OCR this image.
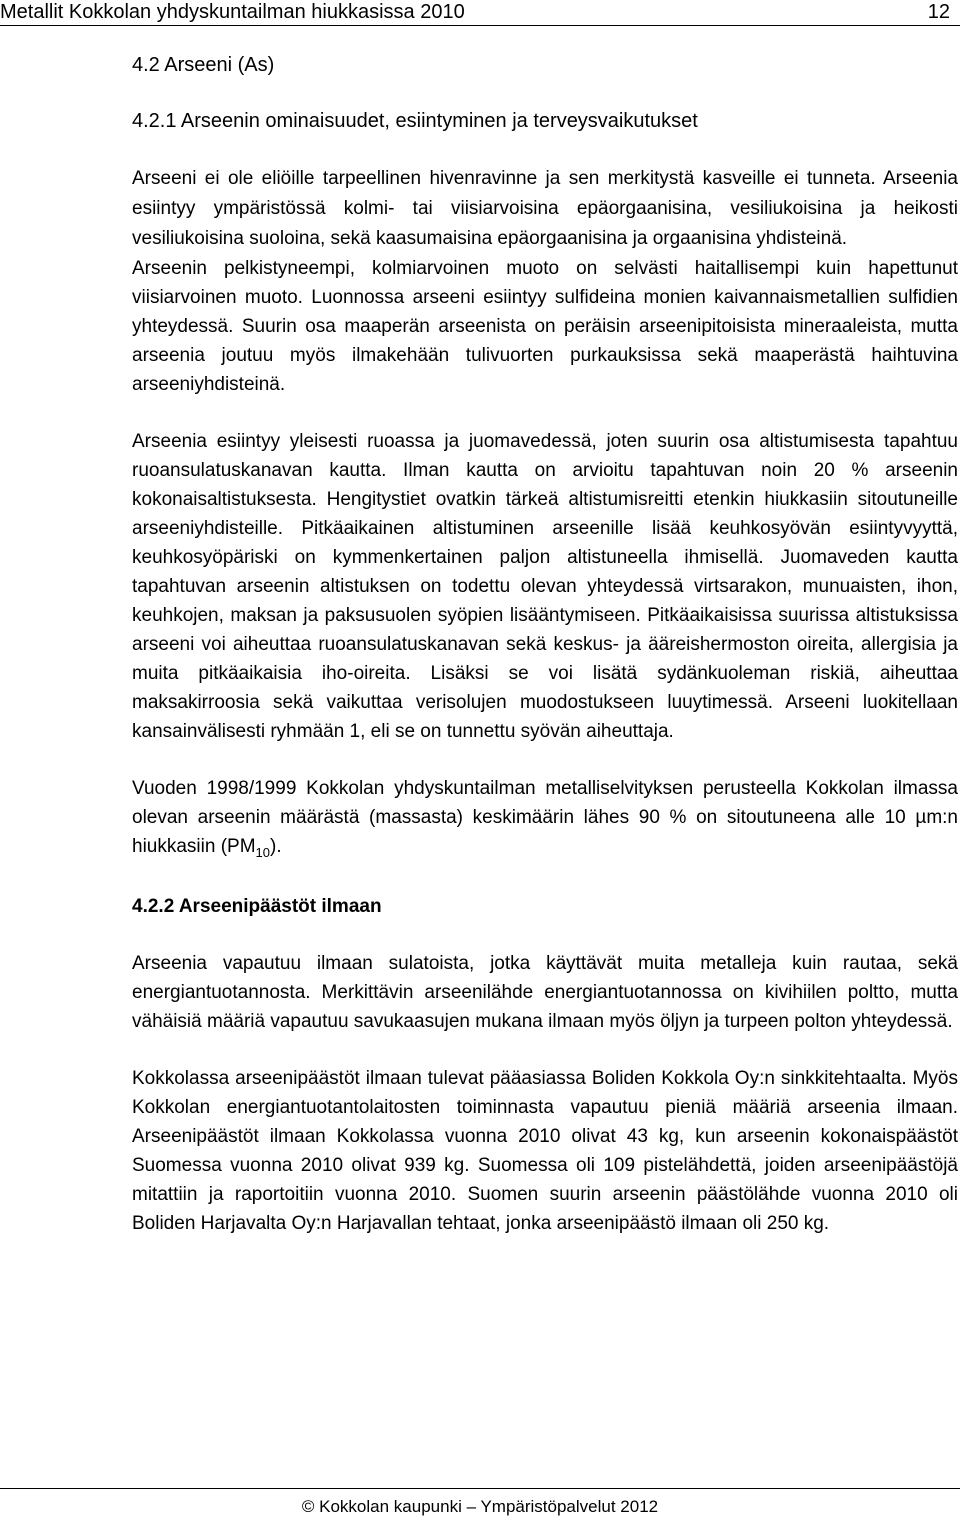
Metallit Kokkolan yhdyskuntailman hiukkasissa 2010	12
4.2 Arseeni (As)
4.2.1 Arseenin ominaisuudet, esiintyminen ja terveysvaikutukset

Arseeni ei ole eliöille tarpeellinen hivenravinne ja sen merkitystä kasveille ei tunneta. Arseenia esiintyy ympäristössä kolmi- tai viisiarvoisina epäorgaanisina, vesiliukoisina ja heikosti vesiliukoisina suoloina, sekä kaasumaisina epäorgaanisina ja orgaanisina yhdisteinä.

Arseenin pelkistyneempi, kolmiarvoinen muoto on selvästi haitallisempi kuin hapettunut viisiarvoinen muoto. Luonnossa arseeni esiintyy sulfideina monien kaivannaismetallien sulfidien yhteydessä. Suurin osa maaperän arseenista on peräisin arseenipitoisista mineraaleista, mutta arseenia joutuu myös ilmakehään tulivuorten purkauksissa sekä maaperästä haihtuvina arseeniyhdisteinä.

Arseenia esiintyy yleisesti ruoassa ja juomavedessä, joten suurin osa altistumisesta tapahtuu ruoansulatuskanavan kautta. Ilman kautta on arvioitu tapahtuvan noin 20 % arseenin kokonaisaltistuksesta. Hengitystiet ovatkin tärkeä altistumisreitti etenkin hiukkasiin sitoutuneille arseeniyhdisteille. Pitkäaikainen altistuminen arseenille lisää keuhkosyövän esiintyvyyttä, keuhkosyöpäriski on kymmenkertainen paljon altistuneella ihmisellä. Juomaveden kautta tapahtuvan arseenin altistuksen on todettu olevan yhteydessä virtsarakon, munuaisten, ihon, keuhkojen, maksan ja paksusuolen syöpien lisääntymiseen. Pitkäaikaisissa suurissa altistuksissa arseeni voi aiheuttaa ruoansulatuskanavan sekä keskus- ja ääreishermoston oireita, allergisia ja muita pitkäaikaisia iho-oireita. Lisäksi se voi lisätä sydänkuoleman riskiä, aiheuttaa maksakirroosia sekä vaikuttaa verisolujen muodostukseen luuytimessä. Arseeni luokitellaan kansainvälisesti ryhmään 1, eli se on tunnettu syövän aiheuttaja.

Vuoden 1998/1999 Kokkolan yhdyskuntailman metalliselvityksen perusteella Kokkolan ilmassa olevan arseenin määrästä (massasta) keskimäärin lähes 90 % on sitoutuneena alle 10 µm:n hiukkasiin $(PM_{10})$.

4.2.2 Arseenipäästöt ilmaan

Arseenia vapautuu ilmaan sulatoista, jotka käyttävät muita metalleja kuin rautaa, sekä energiantuotannosta. Merkittävin arseenilähde energiantuotannossa on kivihiilen poltto, mutta vähäisiä määriä vapautuu savukaasujen mukana ilmaan myös öljyn ja turpeen polton yhteydessä.

Kokkolassa arseenipäästöt ilmaan tulevat pääasiassa Boliden Kokkola Oy:n sinkkitehtaalta. Myös Kokkolan energiantuotantolaitosten toiminnasta vapautuu pieniä määriä arseenia ilmaan. Arseenipäästöt ilmaan Kokkolassa vuonna 2010 olivat 43 kg, kun arseenin kokonaispäästöt Suomessa vuonna 2010 olivat 939 kg. Suomessa oli 109 pistelähdettä, joiden arseenipäästöjä mitattiin ja raportoitiin vuonna 2010. Suomen suurin arseenin päästölähde vuonna 2010 oli Boliden Harjavalta Oy:n Harjavallan tehtaat, jonka arseenipäästö ilmaan oli 250 kg.

© Kokkolan kaupunki – Ympäristöpalvelut 2012
